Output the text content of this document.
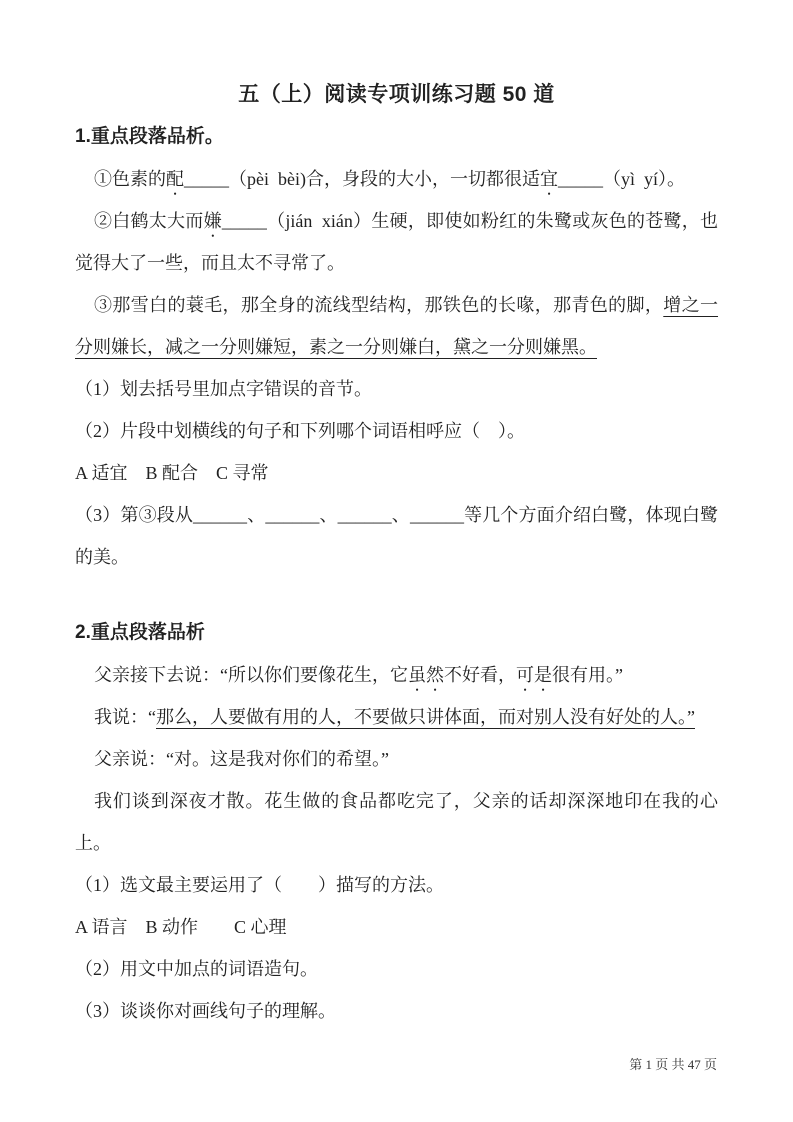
五（上）阅读专项训练习题 50 道
1.重点段落品析。

①色素的配_____（pèi  bèi)合，身段的大小，一切都很适宜_____（yì  yí）。

②白鹤太大而嫌_____（jián  xián）生硬，即使如粉红的朱鹭或灰色的苍鹭，也觉得大了一些，而且太不寻常了。

③那雪白的蓑毛，那全身的流线型结构，那铁色的长喙，那青色的脚，增之一分则嫌长，减之一分则嫌短，素之一分则嫌白，黛之一分则嫌黑。

（1）划去括号里加点字错误的音节。

（2）片段中划横线的句子和下列哪个词语相呼应（　）。

A 适宜　B 配合　C 寻常

（3）第③段从______、______、______、______等几个方面介绍白鹭，体现白鹭的美。

2.重点段落品析

父亲接下去说：“所以你们要像花生，它虽然不好看，可是很有用。”

我说：“那么，人要做有用的人，不要做只讲体面，而对别人没有好处的人。”

父亲说：“对。这是我对你们的希望。”

我们谈到深夜才散。花生做的食品都吃完了，父亲的话却深深地印在我的心上。

（1）选文最主要运用了（　　）描写的方法。

A 语言　B 动作　　C 心理

（2）用文中加点的词语造句。

（3）谈谈你对画线句子的理解。

第 1 页 共 47 页
